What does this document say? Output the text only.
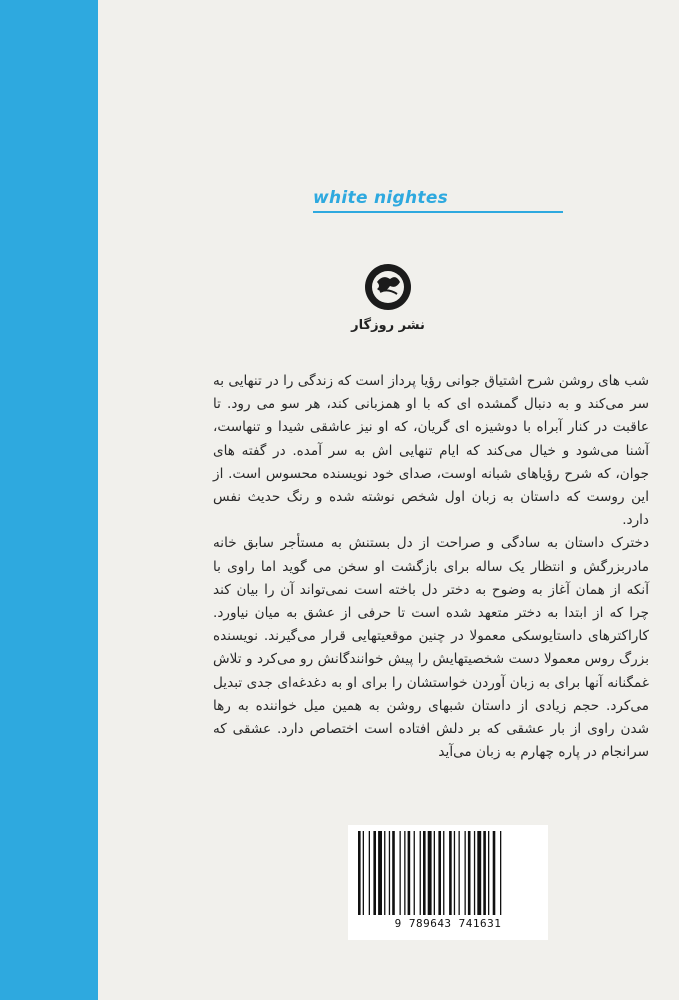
white nightes
نشر روزگار

شب های روشن شرح اشتیاق جوانی رؤیا پرداز است که زندگی را در تنهایی به سر می‌کند و به دنبال گمشده ای که با او همزبانی کند، هر سو می رود. تا عاقبت در کنار آبراه با دوشیزه ای گریان، که او نیز عاشقی شیدا و تنهاست، آشنا می‌شود و خیال می‌کند که ایام تنهایی اش به سر آمده. در گفته های جوان، که شرح رؤیاهای شبانه اوست، صدای خود نویسنده محسوس است. از این روست که داستان به زبان اول شخص نوشته شده و رنگ حدیث نفس دارد.

دخترک داستان به سادگی و صراحت از دل بستنش به مستأجر سابق خانه مادربزرگش و انتظار یک ساله برای بازگشت او سخن می گوید اما راوی با آنکه از همان آغاز به وضوح به دختر دل باخته است نمی‌تواند آن را بیان کند چرا که از ابتدا به دختر متعهد شده است تا حرفی از عشق به میان نیاورد. کاراکترهای داستایوسکی معمولا در چنین موقعیتهایی قرار می‌گیرند. نویسنده بزرگ روس معمولا دست شخصیتهایش را پیش خوانندگانش رو می‌کرد و تلاش غمگنانه آنها برای به زبان آوردن خواستشان را برای او به دغدغه‌ای جدی تبدیل می‌کرد. حجم زیادی از داستان شبهای روشن به همین میل خواننده به رها شدن راوی از بار عشقی که بر دلش افتاده است اختصاص دارد. عشقی که سرانجام در پاره چهارم به زبان می‌آید

9 789643 741631
